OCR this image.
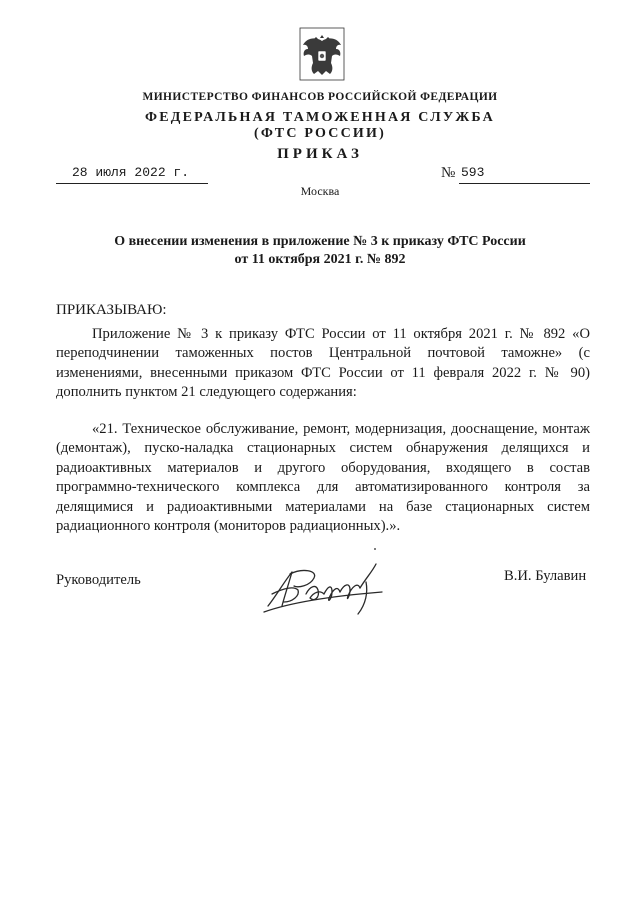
МИНИСТЕРСТВО ФИНАНСОВ РОССИЙСКОЙ ФЕДЕРАЦИИ
ФЕДЕРАЛЬНАЯ ТАМОЖЕННАЯ СЛУЖБА
(ФТС РОССИИ)
ПРИКАЗ
28 июля 2022 г.	№ 593
Москва
О внесении изменения в приложение № 3 к приказу ФТС России
от 11 октября 2021 г. № 892
ПРИКАЗЫВАЮ:

Приложение № 3 к приказу ФТС России от 11 октября 2021 г. № 892 «О переподчинении таможенных постов Центральной почтовой таможне» (с изменениями, внесенными приказом ФТС России от 11 февраля 2022 г. № 90) дополнить пунктом 21 следующего содержания:

«21. Техническое обслуживание, ремонт, модернизация, дооснащение, монтаж (демонтаж), пуско-наладка стационарных систем обнаружения делящихся и радиоактивных материалов и другого оборудования, входящего в состав программно-технического комплекса для автоматизированного контроля за делящимися и радиоактивными материалами на базе стационарных систем радиационного контроля (мониторов радиационных).».

Руководитель	В.И. Булавин
